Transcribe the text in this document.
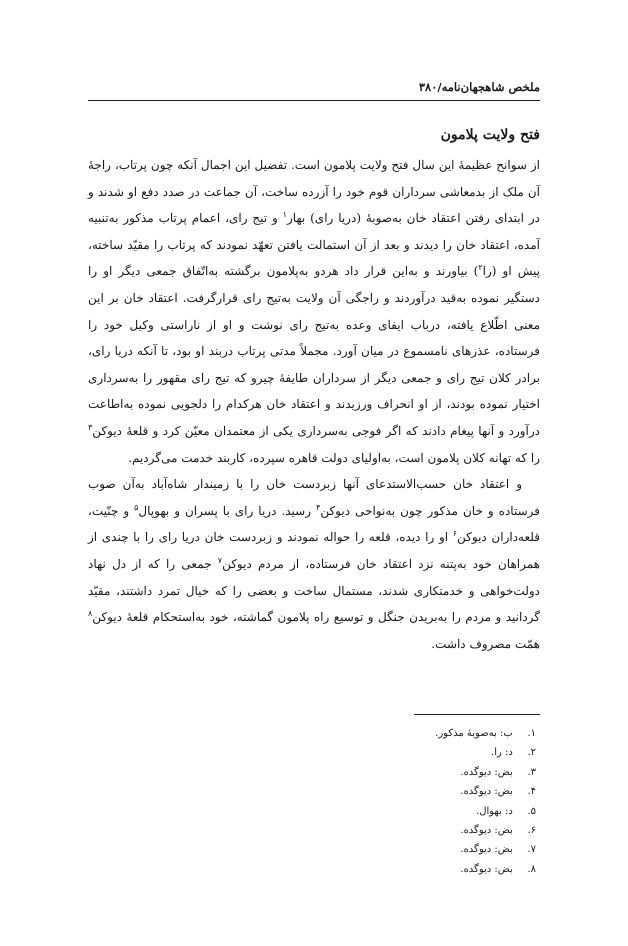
ملخص شاهجهان‌نامه/۳۸۰
فتح ولایت پلامون

از سوانح عظیمهٔ این سال فتح ولایت پلامون است. تفضیل این اجمال آنکه چون پرتاب، راجهٔ آن ملک از بدمعاشی سرداران قوم خود را آزرده ساخت، آن جماعت در صدد دفع او شدند و در ابتدای رفتن اعتقاد خان به‌صوبهٔ (دریا رای) بهار$^۱$ و تیج رای، اعمام پرتاب مذکور به‌تنبیه آمده، اعتقاد خان را دیدند و بعد از آن استمالت یافتن تعهّد نمودند که پرتاب را مقیّد ساخته، پیش او (را$^۲$) بیاورند و به‌این قرار داد هردو به‌پلامون برگشته به‌اتّفاق جمعی دیگر او را دستگیر نموده به‌قید درآوردند و راجگی آن ولایت به‌تیج رای قرارگرفت. اعتقاد خان بر این معنی اطّلاع یافته، درباب ایفای وعده به‌تیج رای نوشت و او از ناراستی وکیل خود را فرستاده، عذرهای نامسموع در میان آورد. مجملاً مدتی پرتاب دربند او بود، تا آنکه دریا رای، برادر کلان تیج رای و جمعی دیگر از سرداران طایفهٔ چیرو که تیج رای مقهور را به‌سرداری اختیار نموده بودند، از او انحراف ورزیدند و اعتقاد خان هرکدام را دلجویی نموده به‌اطاعت درآورد و آنها پیغام دادند که اگر فوجی به‌سرداری یکی از معتمدان معیّن کرد و قلعهٔ دیوکن$^۳$ را که تهانه کلان پلامون است، به‌اولیای دولت قاهره سپرده، کاربند خدمت می‌گردیم.

و اعتقاد خان حسب‌الاستدعای آنها زبردست خان را با زمیندار شاه‌آباد به‌آن صوب فرستاده و خان مذکور چون به‌نواحی دیوکن$^۴$ رسید. دریا رای با پسران و بهوپال$^۵$ و چنّیت، قلعه‌داران دیوکن$^۶$ او را دیده، قلعه را حواله نمودند و زبردست خان دریا رای را با چندی از همراهان خود به‌پتنه نزد اعتقاد خان فرستاده، از مردم دیوکن$^۷$ جمعی را که از دل نهاد دولت‌خواهی و خدمتکاری شدند، مستمال ساخت و بعضی را که خیال تمرد داشتند، مقیّد گردانید و مردم را به‌بریدن جنگل و توسیع راه پلامون گماشته، خود به‌استحکام قلعهٔ دیوکن$^۸$ همّت مصروف داشت.

۱. ب: به‌صوبهٔ مذکور.
۲. د: را.
۳. بض: دیوگده.
۴. بض: دیوگده.
۵. د: بهوال.
۶. بض: دیوگده.
۷. بض: دیوگده.
۸. بض: دیوگده.
